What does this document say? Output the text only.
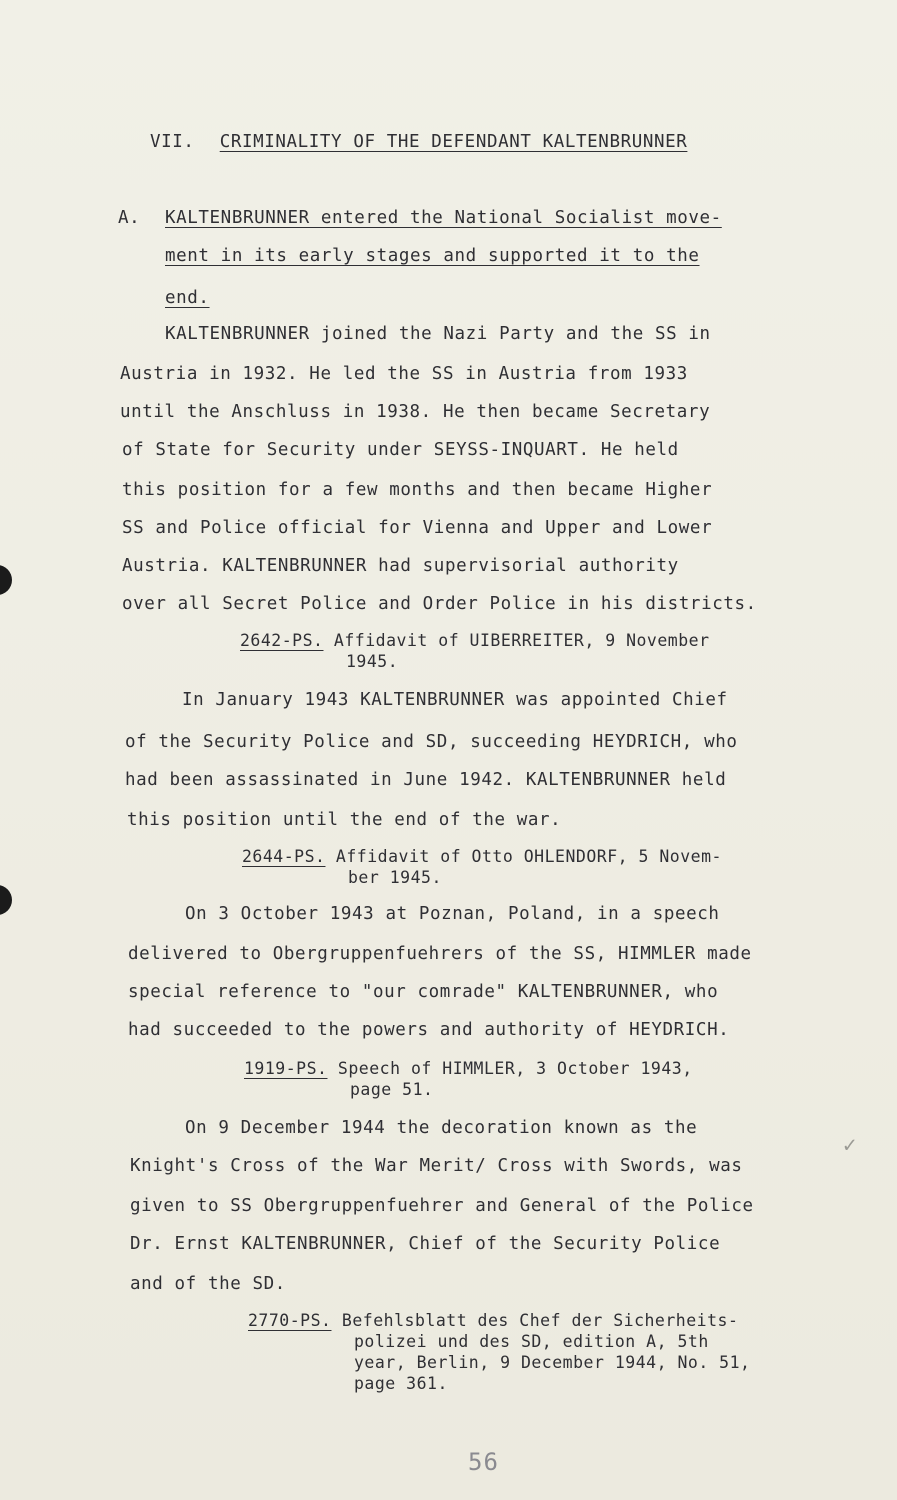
VII. CRIMINALITY OF THE DEFENDANT KALTENBRUNNER
A. KALTENBRUNNER entered the National Socialist move-
ment in its early stages and supported it to the
end.
KALTENBRUNNER joined the Nazi Party and the SS in
Austria in 1932. He led the SS in Austria from 1933
until the Anschluss in 1938. He then became Secretary
of State for Security under SEYSS-INQUART. He held
this position for a few months and then became Higher
SS and Police official for Vienna and Upper and Lower
Austria. KALTENBRUNNER had supervisorial authority
over all Secret Police and Order Police in his districts.
2642-PS. Affidavit of UIBERREITER, 9 November
1945.
In January 1943 KALTENBRUNNER was appointed Chief
of the Security Police and SD, succeeding HEYDRICH, who
had been assassinated in June 1942. KALTENBRUNNER held
this position until the end of the war.
2644-PS. Affidavit of Otto OHLENDORF, 5 Novem-
ber 1945.
On 3 October 1943 at Poznan, Poland, in a speech
delivered to Obergruppenfuehrers of the SS, HIMMLER made
special reference to "our comrade" KALTENBRUNNER, who
had succeeded to the powers and authority of HEYDRICH.
1919-PS. Speech of HIMMLER, 3 October 1943,
page 51.
On 9 December 1944 the decoration known as the
Knight's Cross of the War Merit/ Cross with Swords, was
given to SS Obergruppenfuehrer and General of the Police
Dr. Ernst KALTENBRUNNER, Chief of the Security Police
and of the SD.
2770-PS. Befehlsblatt des Chef der Sicherheits-
polizei und des SD, edition A, 5th
year, Berlin, 9 December 1944, No. 51,
page 361.
✓
56
